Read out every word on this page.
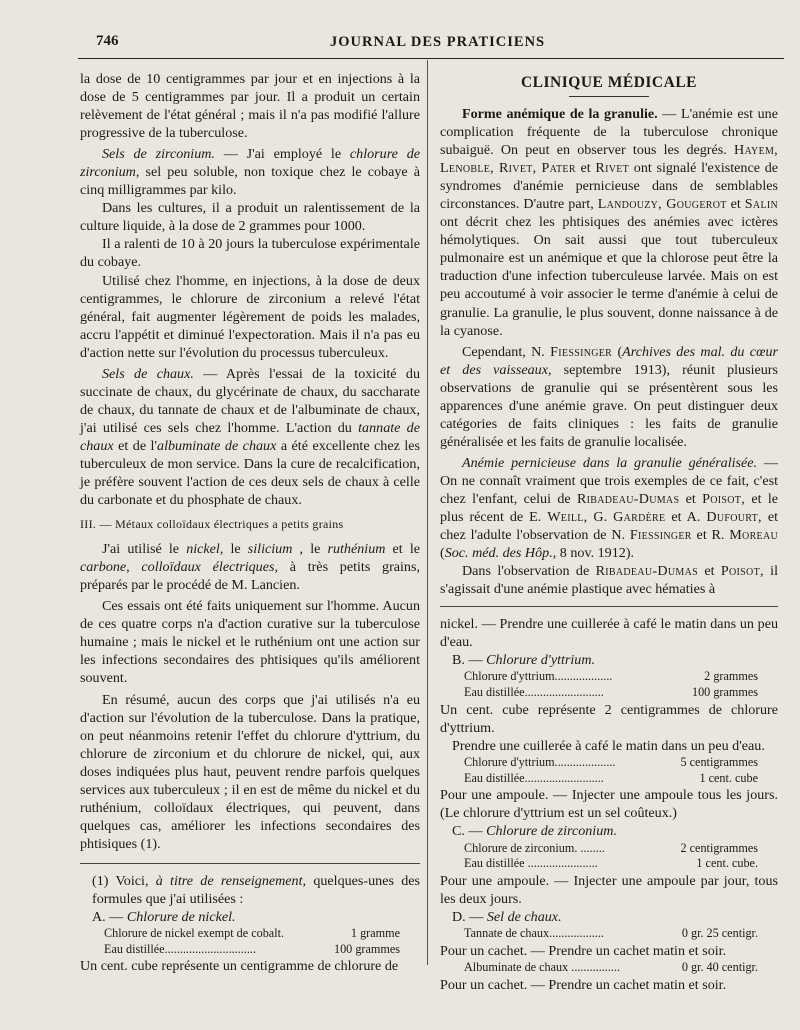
746	JOURNAL DES PRATICIENS

la dose de 10 centigrammes par jour et en injections à la dose de 5 centigrammes par jour. Il a produit un certain relèvement de l'état général ; mais il n'a pas modifié l'allure progressive de la tuberculose.

Sels de zirconium. — J'ai employé le chlorure de zirconium, sel peu soluble, non toxique chez le cobaye à cinq milligrammes par kilo.

Dans les cultures, il a produit un ralentissement de la culture liquide, à la dose de 2 grammes pour 1000.

Il a ralenti de 10 à 20 jours la tuberculose expérimentale du cobaye.

Utilisé chez l'homme, en injections, à la dose de deux centigrammes, le chlorure de zirconium a relevé l'état général, fait augmenter légèrement de poids les malades, accru l'appétit et diminué l'expectoration. Mais il n'a pas eu d'action nette sur l'évolution du processus tuberculeux.

Sels de chaux. — Après l'essai de la toxicité du succinate de chaux, du glycérinate de chaux, du saccharate de chaux, du tannate de chaux et de l'albuminate de chaux, j'ai utilisé ces sels chez l'homme. L'action du tannate de chaux et de l'albuminate de chaux a été excellente chez les tuberculeux de mon service. Dans la cure de recalcification, je préfère souvent l'action de ces deux sels de chaux à celle du carbonate et du phosphate de chaux.

III. — Métaux colloïdaux électriques a petits grains

J'ai utilisé le nickel, le silicium , le ruthénium et le carbone, colloïdaux électriques, à très petits grains, préparés par le procédé de M. Lancien.

Ces essais ont été faits uniquement sur l'homme. Aucun de ces quatre corps n'a d'action curative sur la tuberculose humaine ; mais le nickel et le ruthénium ont une action sur les infections secondaires des phtisiques qu'ils améliorent souvent.

En résumé, aucun des corps que j'ai utilisés n'a eu d'action sur l'évolution de la tuberculose. Dans la pratique, on peut néanmoins retenir l'effet du chlorure d'yttrium, du chlorure de zirconium et du chlorure de nickel, qui, aux doses indiquées plus haut, peuvent rendre parfois quelques services aux tuberculeux ; il en est de même du nickel et du ruthénium, colloïdaux électriques, qui peuvent, dans quelques cas, améliorer les infections secondaires des phtisiques (1).

(1) Voici, à titre de renseignement, quelques-unes des formules que j'ai utilisées :

A. — Chlorure de nickel.

Chlorure de nickel exempt de cobalt.	1 gramme
Eau distillée..............................	100 grammes

Un cent. cube représente un centigramme de chlorure de

CLINIQUE MÉDICALE

Forme anémique de la granulie. — L'anémie est une complication fréquente de la tuberculose chronique subaiguë. On peut en observer tous les degrés. Hayem, Lenoble, Rivet, Pater et Rivet ont signalé l'existence de syndromes d'anémie pernicieuse dans de semblables circonstances. D'autre part, Landouzy, Gougerot et Salin ont décrit chez les phtisiques des anémies avec ictères hémolytiques. On sait aussi que tout tuberculeux pulmonaire est un anémique et que la chlorose peut être la traduction d'une infection tuberculeuse larvée. Mais on est peu accoutumé à voir associer le terme d'anémie à celui de granulie. La granulie, le plus souvent, donne naissance à de la cyanose.

Cependant, N. Fiessinger (Archives des mal. du cœur et des vaisseaux, septembre 1913), réunit plusieurs observations de granulie qui se présentèrent sous les apparences d'une anémie grave. On peut distinguer deux catégories de faits cliniques : les faits de granulie généralisée et les faits de granulie localisée.

Anémie pernicieuse dans la granulie généralisée. — On ne connaît vraiment que trois exemples de ce fait, c'est chez l'enfant, celui de Ribadeau-Dumas et Poisot, et le plus récent de E. Weill, G. Gardère et A. Dufourt, et chez l'adulte l'observation de N. Fiessinger et R. Moreau (Soc. méd. des Hôp., 8 nov. 1912).

Dans l'observation de Ribadeau-Dumas et Poisot, il s'agissait d'une anémie plastique avec hématies à

nickel. — Prendre une cuillerée à café le matin dans un peu d'eau.

B. — Chlorure d'yttrium.

Chlorure d'yttrium...................	2 grammes
Eau distillée..........................	100 grammes

Un cent. cube représente 2 centigrammes de chlorure d'yttrium.

Prendre une cuillerée à café le matin dans un peu d'eau.

Chlorure d'yttrium....................	5 centigrammes
Eau distillée..........................	1 cent. cube

Pour une ampoule. — Injecter une ampoule tous les jours. (Le chlorure d'yttrium est un sel coûteux.)

C. — Chlorure de zirconium.

Chlorure de zirconium. ........	2 centigrammes
Eau distillée .......................	1 cent. cube.

Pour une ampoule. — Injecter une ampoule par jour, tous les deux jours.

D. — Sel de chaux.

Tannate de chaux..................	0 gr. 25 centigr.

Pour un cachet. — Prendre un cachet matin et soir.

Albuminate de chaux ................	0 gr. 40 centigr.

Pour un cachet. — Prendre un cachet matin et soir.
